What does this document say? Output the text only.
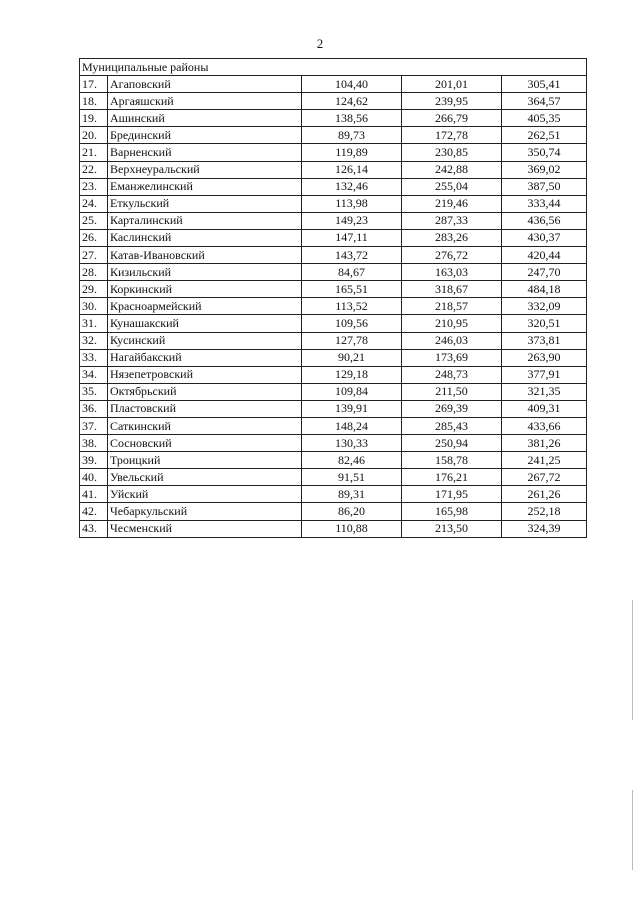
2
Муниципальные районы				
17.	Агаповский	104,40	201,01	305,41
18.	Аргаяшский	124,62	239,95	364,57
19.	Ашинский	138,56	266,79	405,35
20.	Брединский	89,73	172,78	262,51
21.	Варненский	119,89	230,85	350,74
22.	Верхнеуральский	126,14	242,88	369,02
23.	Еманжелинский	132,46	255,04	387,50
24.	Еткульский	113,98	219,46	333,44
25.	Карталинский	149,23	287,33	436,56
26.	Каслинский	147,11	283,26	430,37
27.	Катав-Ивановский	143,72	276,72	420,44
28.	Кизильский	84,67	163,03	247,70
29.	Коркинский	165,51	318,67	484,18
30.	Красноармейский	113,52	218,57	332,09
31.	Кунашакский	109,56	210,95	320,51
32.	Кусинский	127,78	246,03	373,81
33.	Нагайбакский	90,21	173,69	263,90
34.	Нязепетровский	129,18	248,73	377,91
35.	Октябрьский	109,84	211,50	321,35
36.	Пластовский	139,91	269,39	409,31
37.	Саткинский	148,24	285,43	433,66
38.	Сосновский	130,33	250,94	381,26
39.	Троицкий	82,46	158,78	241,25
40.	Увельский	91,51	176,21	267,72
41.	Уйский	89,31	171,95	261,26
42.	Чебаркульский	86,20	165,98	252,18
43.	Чесменский	110,88	213,50	324,39
